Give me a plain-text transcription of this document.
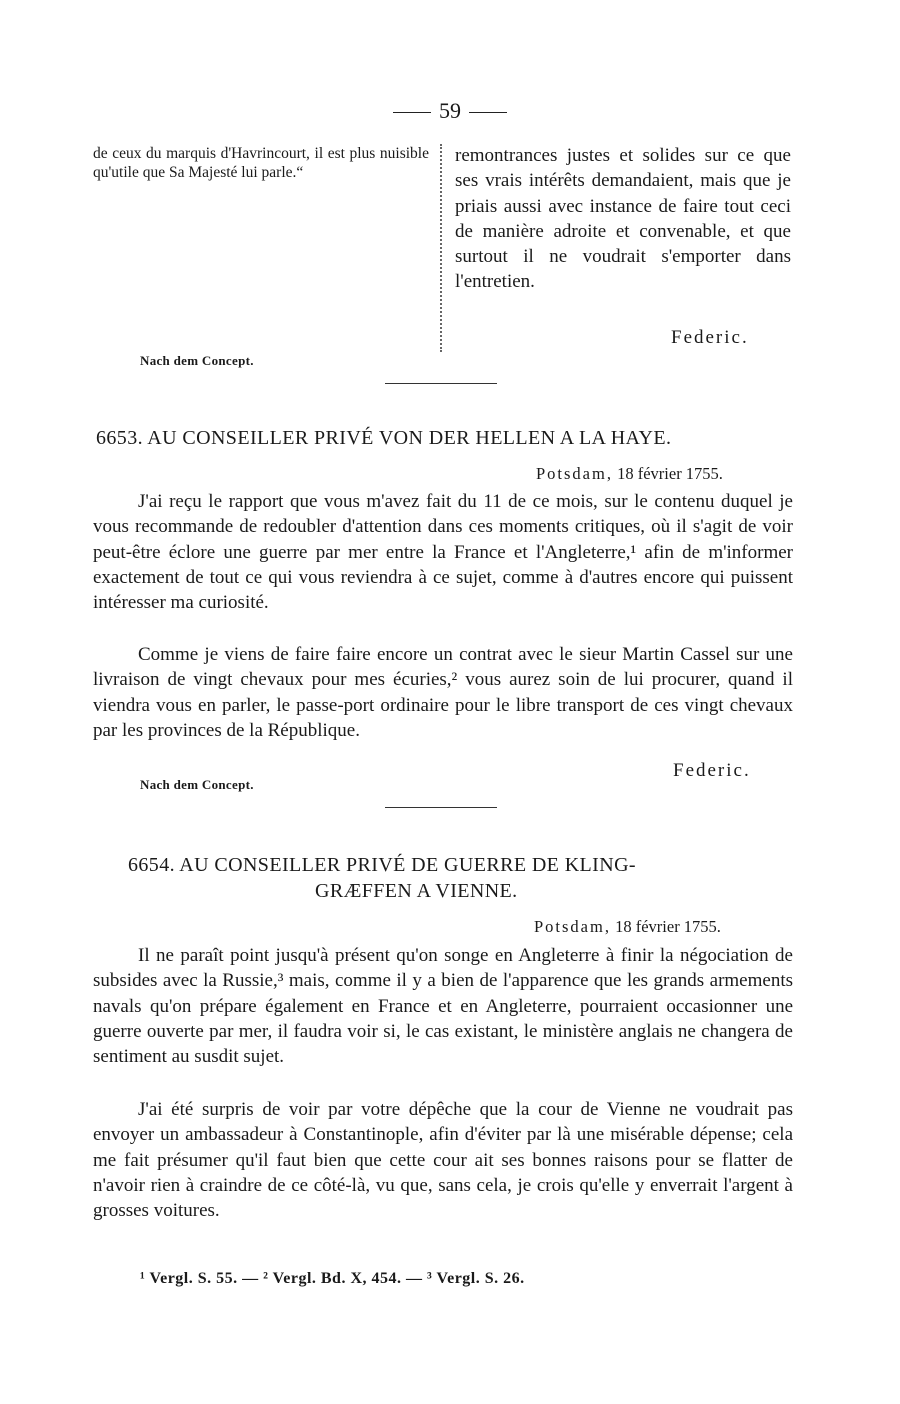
59
de ceux du marquis d'Havrincourt, il est plus nuisible qu'utile que Sa Majesté lui parle.“
remontrances justes et solides sur ce que ses vrais intérêts demandaient, mais que je priais aussi avec instance de faire tout ceci de manière adroite et convenable, et que surtout il ne voudrait s'emporter dans l'entretien.
Federic.
Nach dem Concept.
6653. AU CONSEILLER PRIVÉ VON DER HELLEN A LA HAYE.
Potsdam, 18 février 1755.
J'ai reçu le rapport que vous m'avez fait du 11 de ce mois, sur le contenu duquel je vous recommande de redoubler d'attention dans ces moments critiques, où il s'agit de voir peut-être éclore une guerre par mer entre la France et l'Angleterre,¹ afin de m'informer exactement de tout ce qui vous reviendra à ce sujet, comme à d'autres encore qui puissent intéresser ma curiosité.
Comme je viens de faire faire encore un contrat avec le sieur Martin Cassel sur une livraison de vingt chevaux pour mes écuries,² vous aurez soin de lui procurer, quand il viendra vous en parler, le passe-port ordinaire pour le libre transport de ces vingt chevaux par les provinces de la République.
Federic.
Nach dem Concept.
6654. AU CONSEILLER PRIVÉ DE GUERRE DE KLING-
GRÆFFEN A VIENNE.
Potsdam, 18 février 1755.
Il ne paraît point jusqu'à présent qu'on songe en Angleterre à finir la négociation de subsides avec la Russie,³ mais, comme il y a bien de l'apparence que les grands armements navals qu'on prépare également en France et en Angleterre, pourraient occasionner une guerre ouverte par mer, il faudra voir si, le cas existant, le ministère anglais ne changera de sentiment au susdit sujet.
J'ai été surpris de voir par votre dépêche que la cour de Vienne ne voudrait pas envoyer un ambassadeur à Constantinople, afin d'éviter par là une misérable dépense; cela me fait présumer qu'il faut bien que cette cour ait ses bonnes raisons pour se flatter de n'avoir rien à craindre de ce côté-là, vu que, sans cela, je crois qu'elle y enverrait l'argent à grosses voitures.
¹ Vergl. S. 55. — ² Vergl. Bd. X, 454. — ³ Vergl. S. 26.
